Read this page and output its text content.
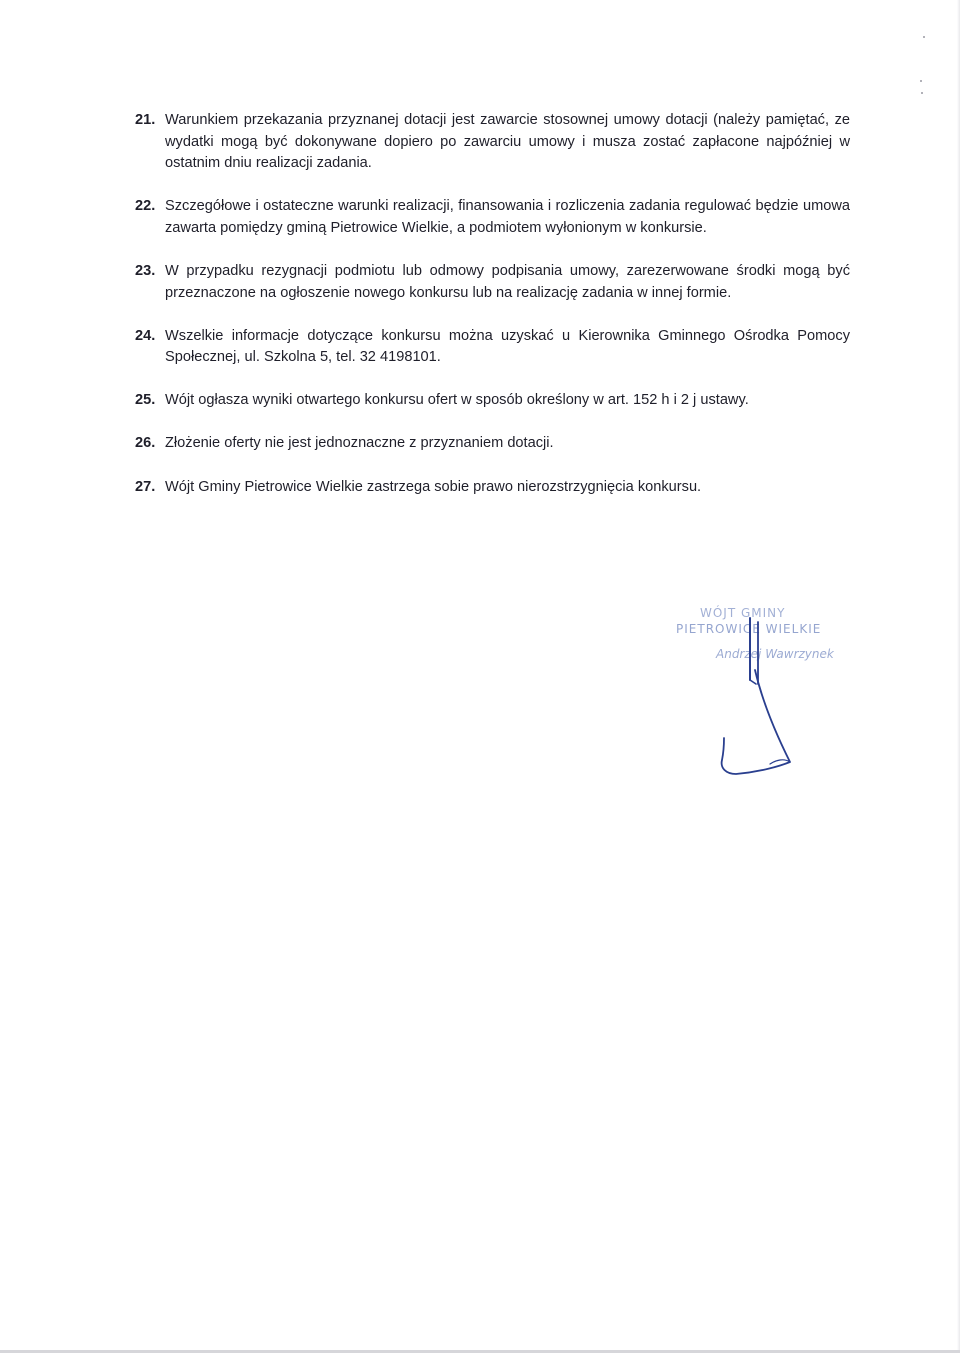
21. Warunkiem przekazania przyznanej dotacji jest zawarcie stosownej umowy dotacji (należy pamiętać, ze wydatki mogą być dokonywane dopiero po zawarciu umowy i musza zostać zapłacone najpóźniej w ostatnim dniu realizacji zadania.
22. Szczegółowe i ostateczne warunki realizacji, finansowania i rozliczenia zadania regulować będzie umowa zawarta pomiędzy gminą Pietrowice Wielkie, a podmiotem wyłonionym w konkursie.
23. W przypadku rezygnacji podmiotu lub odmowy podpisania umowy, zarezerwowane środki mogą być przeznaczone na ogłoszenie nowego konkursu lub na realizację zadania w innej formie.
24. Wszelkie informacje dotyczące konkursu można uzyskać u Kierownika Gminnego Ośrodka Pomocy Społecznej, ul. Szkolna 5, tel. 32 4198101.
25. Wójt ogłasza wyniki otwartego konkursu ofert w sposób określony w art. 152 h i 2 j ustawy.
26. Złożenie oferty nie jest jednoznaczne z przyznaniem dotacji.
27. Wójt Gminy Pietrowice Wielkie zastrzega sobie prawo nierozstrzygnięcia konkursu.
WÓJT GMINY
PIETROWICE WIELKIE
Andrzej Wawrzynek
